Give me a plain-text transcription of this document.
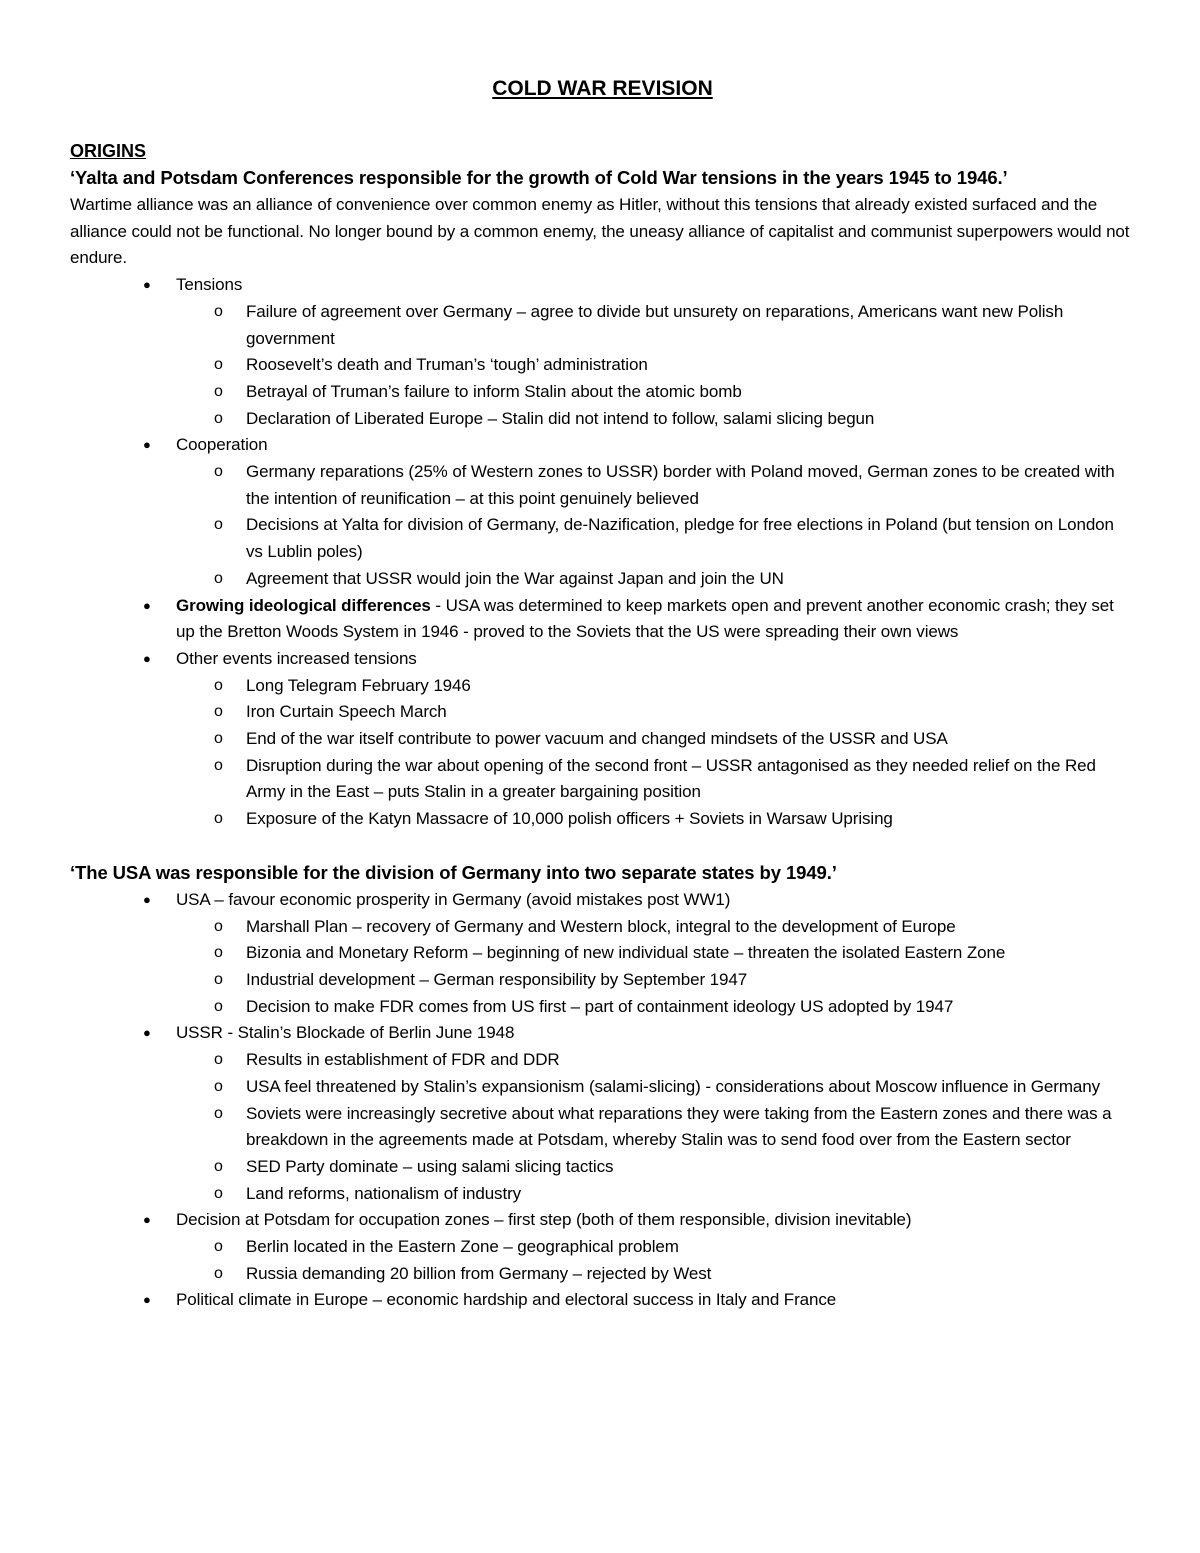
COLD WAR REVISION
ORIGINS

‘Yalta and Potsdam Conferences responsible for the growth of Cold War tensions in the years 1945 to 1946.’

Wartime alliance was an alliance of convenience over common enemy as Hitler, without this tensions that already existed surfaced and the alliance could not be functional. No longer bound by a common enemy, the uneasy alliance of capitalist and communist superpowers would not endure.

● Tensions
o Failure of agreement over Germany – agree to divide but unsurety on reparations, Americans want new Polish government
o Roosevelt’s death and Truman’s ‘tough’ administration
o Betrayal of Truman’s failure to inform Stalin about the atomic bomb
o Declaration of Liberated Europe – Stalin did not intend to follow, salami slicing begun
● Cooperation
o Germany reparations (25% of Western zones to USSR) border with Poland moved, German zones to be created with the intention of reunification – at this point genuinely believed
o Decisions at Yalta for division of Germany, de-Nazification, pledge for free elections in Poland (but tension on London vs Lublin poles)
o Agreement that USSR would join the War against Japan and join the UN
● Growing ideological differences - USA was determined to keep markets open and prevent another economic crash; they set up the Bretton Woods System in 1946 - proved to the Soviets that the US were spreading their own views
● Other events increased tensions
o Long Telegram February 1946
o Iron Curtain Speech March
o End of the war itself contribute to power vacuum and changed mindsets of the USSR and USA
o Disruption during the war about opening of the second front – USSR antagonised as they needed relief on the Red Army in the East – puts Stalin in a greater bargaining position
o Exposure of the Katyn Massacre of 10,000 polish officers + Soviets in Warsaw Uprising

‘The USA was responsible for the division of Germany into two separate states by 1949.’

● USA – favour economic prosperity in Germany (avoid mistakes post WW1)
o Marshall Plan – recovery of Germany and Western block, integral to the development of Europe
o Bizonia and Monetary Reform – beginning of new individual state – threaten the isolated Eastern Zone
o Industrial development – German responsibility by September 1947
o Decision to make FDR comes from US first – part of containment ideology US adopted by 1947
● USSR - Stalin’s Blockade of Berlin June 1948
o Results in establishment of FDR and DDR
o USA feel threatened by Stalin’s expansionism (salami-slicing) - considerations about Moscow influence in Germany
o Soviets were increasingly secretive about what reparations they were taking from the Eastern zones and there was a breakdown in the agreements made at Potsdam, whereby Stalin was to send food over from the Eastern sector
o SED Party dominate – using salami slicing tactics
o Land reforms, nationalism of industry
● Decision at Potsdam for occupation zones – first step (both of them responsible, division inevitable)
o Berlin located in the Eastern Zone – geographical problem
o Russia demanding 20 billion from Germany – rejected by West
● Political climate in Europe – economic hardship and electoral success in Italy and France
